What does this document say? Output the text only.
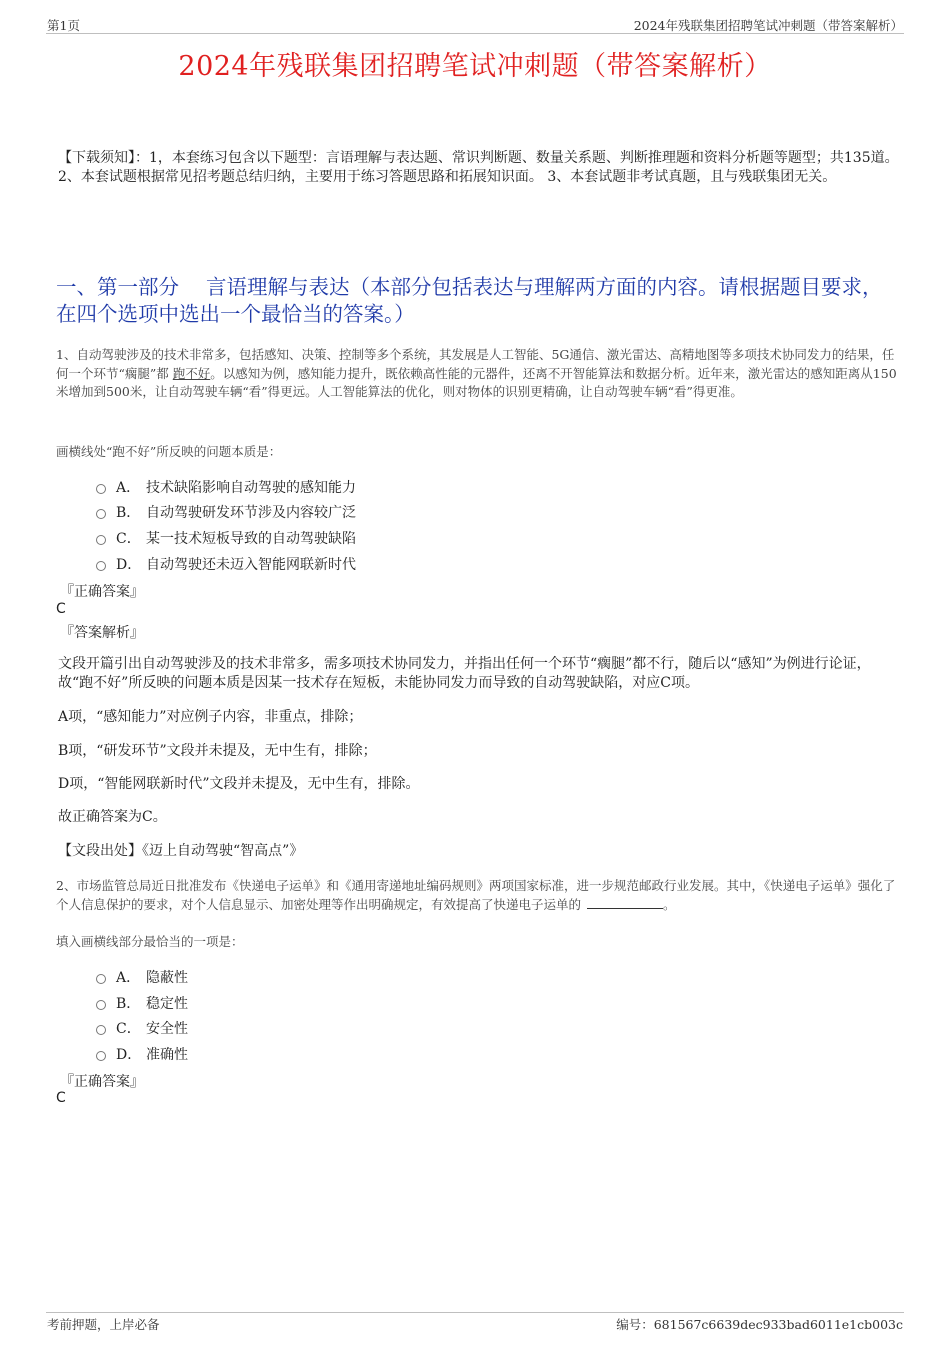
第1页	2024年残联集团招聘笔试冲刺题（带答案解析）
2024年残联集团招聘笔试冲刺题（带答案解析）
【下载须知】：1，本套练习包含以下题型：言语理解与表达题、常识判断题、数量关系题、判断推理题和资料分析题等题型；共135道。 2、本套试题根据常见招考题总结归纳，主要用于练习答题思路和拓展知识面。 3、本套试题非考试真题，且与残联集团无关。
一、第一部分　 言语理解与表达（本部分包括表达与理解两方面的内容。请根据题目要求，在四个选项中选出一个最恰当的答案。）
1、自动驾驶涉及的技术非常多，包括感知、决策、控制等多个系统，其发展是人工智能、5G通信、激光雷达、高精地图等多项技术协同发力的结果，任何一个环节“瘸腿”都 跑不好。以感知为例，感知能力提升，既依赖高性能的元器件，还离不开智能算法和数据分析。近年来，激光雷达的感知距离从150米增加到500米，让自动驾驶车辆“看”得更远。人工智能算法的优化，则对物体的识别更精确，让自动驾驶车辆“看”得更准。
画横线处“跑不好”所反映的问题本质是：
A． 技术缺陷影响自动驾驶的感知能力
B． 自动驾驶研发环节涉及内容较广泛
C． 某一技术短板导致的自动驾驶缺陷
D． 自动驾驶还未迈入智能网联新时代
『正确答案』
C
『答案解析』
文段开篇引出自动驾驶涉及的技术非常多，需多项技术协同发力，并指出任何一个环节“瘸腿”都不行，随后以“感知”为例进行论证，故“跑不好”所反映的问题本质是因某一技术存在短板，未能协同发力而导致的自动驾驶缺陷，对应C项。
A项，“感知能力”对应例子内容，非重点，排除；
B项，“研发环节”文段并未提及，无中生有，排除；
D项，“智能网联新时代”文段并未提及，无中生有，排除。
故正确答案为C。
【文段出处】《迈上自动驾驶“智高点”》
2、市场监管总局近日批准发布《快递电子运单》和《通用寄递地址编码规则》两项国家标准，进一步规范邮政行业发展。其中，《快递电子运单》强化了个人信息保护的要求，对个人信息显示、加密处理等作出明确规定，有效提高了快递电子运单的	。
填入画横线部分最恰当的一项是：
A． 隐蔽性
B． 稳定性
C． 安全性
D． 准确性
『正确答案』
C
考前押题，上岸必备	编号：681567c6639dec933bad6011e1cb003c
